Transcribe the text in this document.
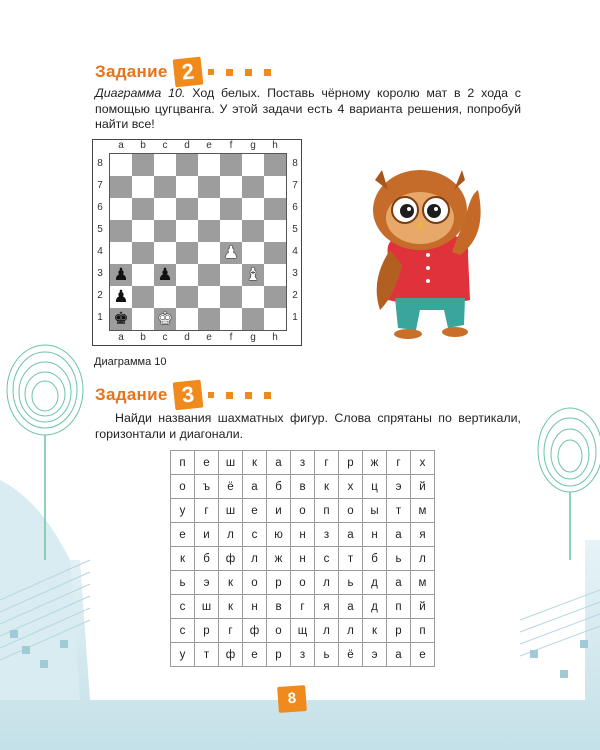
Задание 2
Диаграмма 10. Ход белых. Поставь чёрному королю мат в 2 хода с помощью цугцванга. У этой задачи есть 4 варианта решения, попробуй найти все!
a
a
b
b
c
c
d
d
e
e
f
f
g
g
h
h
8	8
7	7
6	6
5	5
4	4
3	3
2	2
1	1
♟
♟ ♟	♝
♟
♚ ♚
Диаграмма 10
Задание 3
Найди названия шахматных фигур. Слова спрятаны по вертикали, горизонтали и диагонали.
п	е	ш	к	а	з	г	р	ж	г	х
о	ъ	ё	а	б	в	к	х	ц	э	й
у	г	ш	е	и	о	п	о	ы	т	м
е	и	л	с	ю	н	з	а	н	а	я
к	б	ф	л	ж	н	с	т	б	ь	л
ь	э	к	о	р	о	л	ь	д	а	м
с	ш	к	н	в	г	я	а	д	п	й
с	р	г	ф	о	щ	л	л	к	р	п
у	т	ф	е	р	з	ь	ё	э	а	е
8
